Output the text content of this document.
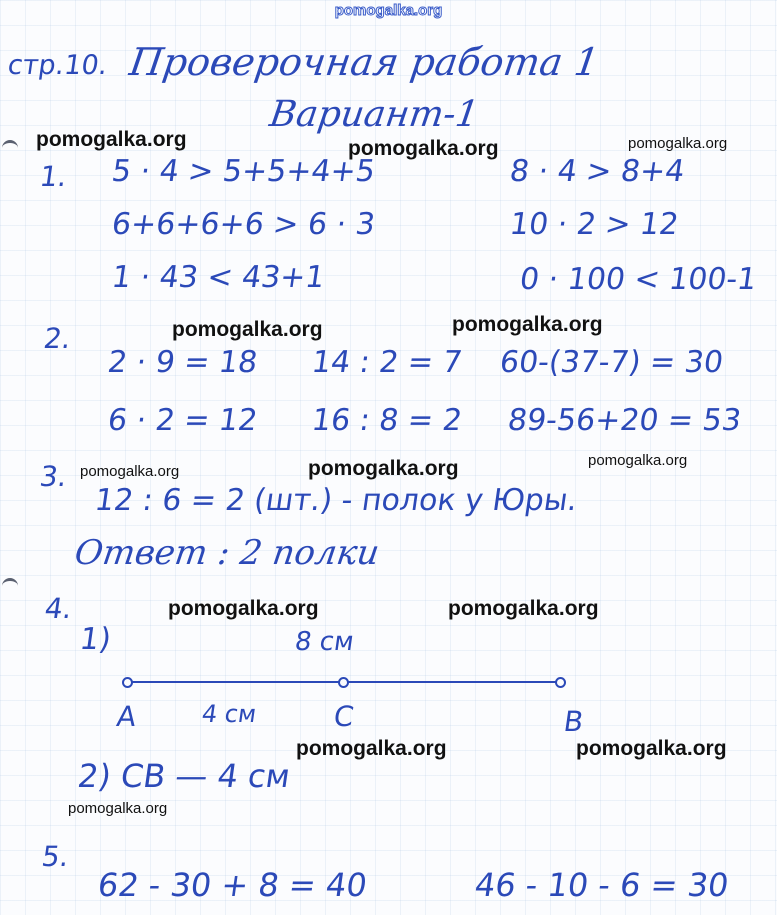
pomogalka.org
стр.10. Проверочная работа 1
Вариант-1
1. 5 · 4 > 5+5+4+5	8 · 4 > 8+4
6+6+6+6 > 6 · 3	10 · 2 > 12
1 · 43 < 43+1	0 · 100 < 100-1
2.
2 · 9 = 18 14 : 2 = 7 60-(37-7) = 30
6 · 2 = 12 16 : 8 = 2 89-56+20 = 53
3.
12 : 6 = 2 (шт.) - полок у Юры.
Ответ : 2 полки
4.
1)	8 см
A	4 см	C	B
2) CB — 4 см
5.
62 - 30 + 8 = 40	46 - 10 - 6 = 30
pomogalka.org	pomogalka.org	pomogalka.org
pomogalka.org	pomogalka.org
pomogalka.org	pomogalka.org	pomogalka.org
pomogalka.org	pomogalka.org
pomogalka.org	pomogalka.org
pomogalka.org
